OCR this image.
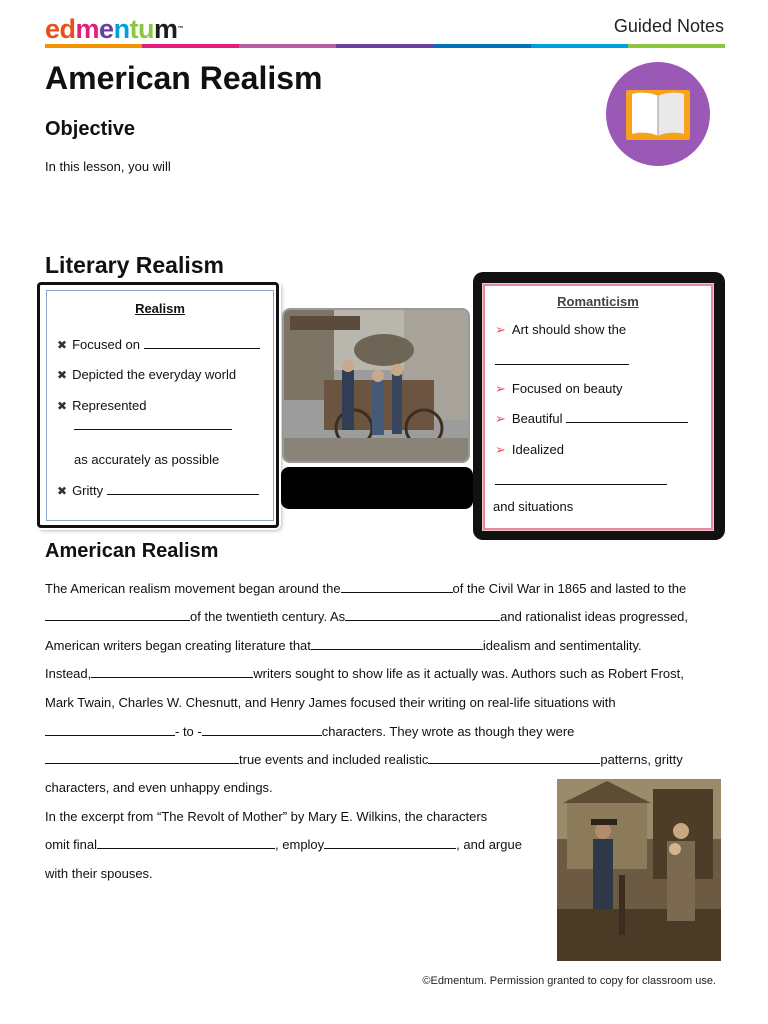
edmentum™	Guided Notes
American Realism
Objective
In this lesson, you will
Literary Realism
Realism
✖ Focused on
✖ Depicted the everyday world
✖ Represented
as accurately as possible
✖ Gritty
Romanticism
➢ Art should show the
➢ Focused on beauty
➢ Beautiful
➢ Idealized
and situations
American Realism
The American realism movement began around the	of the Civil War in 1865 and lasted to the
of the twentieth century. As	and rationalist ideas progressed,
American writers began creating literature that	idealism and sentimentality.
Instead,	writers sought to show life as it actually was. Authors such as Robert Frost,
Mark Twain, Charles W. Chesnutt, and Henry James focused their writing on real-life situations with
- to -	characters. They wrote as though they were
true events and included realistic	patterns, gritty
characters, and even unhappy endings.
In the excerpt from “The Revolt of Mother” by Mary E. Wilkins, the characters
omit final	, employ	, and argue
with their spouses.
©Edmentum. Permission granted to copy for classroom use.
